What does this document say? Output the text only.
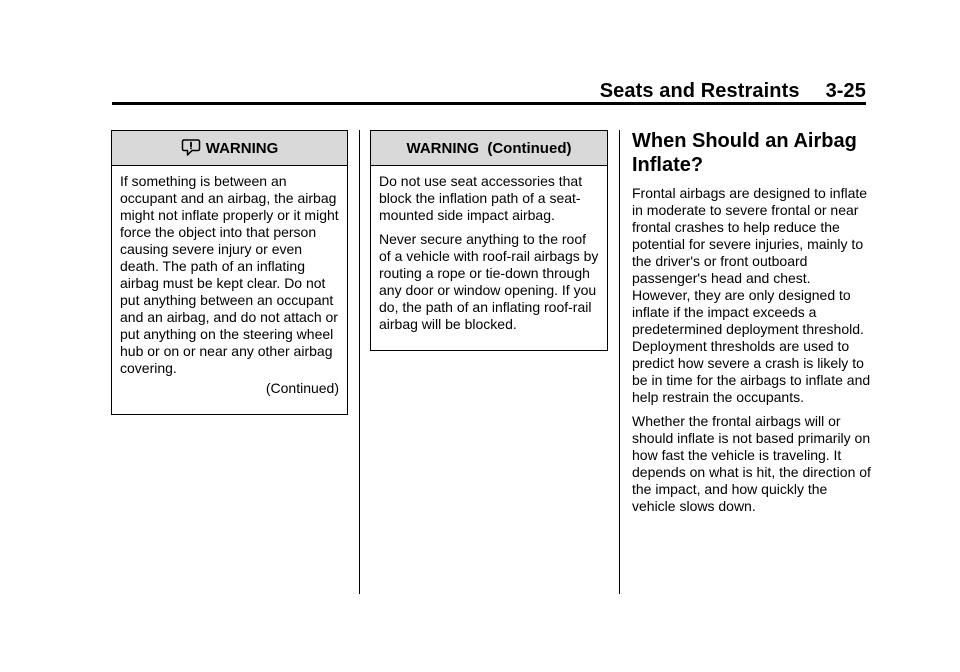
Seats and Restraints 3-25
WARNING

If something is between an occupant and an airbag, the airbag might not inflate properly or it might force the object into that person causing severe injury or even death. The path of an inflating airbag must be kept clear. Do not put anything between an occupant and an airbag, and do not attach or put anything on the steering wheel hub or on or near any other airbag covering.

(Continued)
WARNING  (Continued)

Do not use seat accessories that block the inflation path of a seat-mounted side impact airbag.

Never secure anything to the roof of a vehicle with roof-rail airbags by routing a rope or tie-down through any door or window opening. If you do, the path of an inflating roof-rail airbag will be blocked.

When Should an Airbag Inflate?

Frontal airbags are designed to inflate in moderate to severe frontal or near frontal crashes to help reduce the potential for severe injuries, mainly to the driver's or front outboard passenger's head and chest. However, they are only designed to inflate if the impact exceeds a predetermined deployment threshold. Deployment thresholds are used to predict how severe a crash is likely to be in time for the airbags to inflate and help restrain the occupants.

Whether the frontal airbags will or should inflate is not based primarily on how fast the vehicle is traveling. It depends on what is hit, the direction of the impact, and how quickly the vehicle slows down.
